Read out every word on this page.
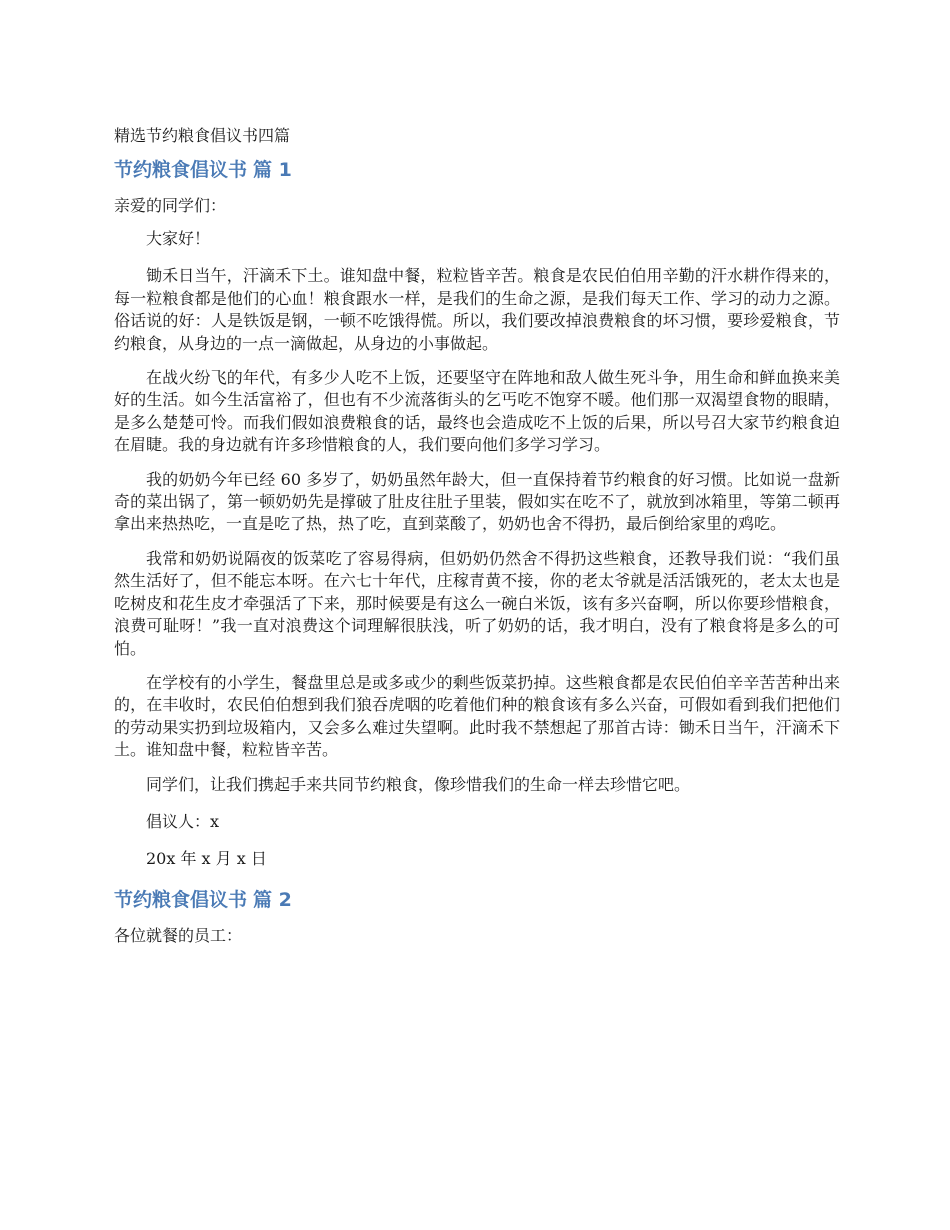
精选节约粮食倡议书四篇
节约粮食倡议书 篇 1
亲爱的同学们：
大家好！
锄禾日当午，汗滴禾下土。谁知盘中餐，粒粒皆辛苦。粮食是农民伯伯用辛勤的汗水耕作得来的，每一粒粮食都是他们的心血！粮食跟水一样，是我们的生命之源，是我们每天工作、学习的动力之源。俗话说的好：人是铁饭是钢，一顿不吃饿得慌。所以，我们要改掉浪费粮食的坏习惯，要珍爱粮食，节约粮食，从身边的一点一滴做起，从身边的小事做起。
在战火纷飞的年代，有多少人吃不上饭，还要坚守在阵地和敌人做生死斗争，用生命和鲜血换来美好的生活。如今生活富裕了，但也有不少流落街头的乞丐吃不饱穿不暖。他们那一双渴望食物的眼睛，是多么楚楚可怜。而我们假如浪费粮食的话，最终也会造成吃不上饭的后果，所以号召大家节约粮食迫在眉睫。我的身边就有许多珍惜粮食的人，我们要向他们多学习学习。
我的奶奶今年已经 60 多岁了，奶奶虽然年龄大，但一直保持着节约粮食的好习惯。比如说一盘新奇的菜出锅了，第一顿奶奶先是撑破了肚皮往肚子里装，假如实在吃不了，就放到冰箱里，等第二顿再拿出来热热吃，一直是吃了热，热了吃，直到菜酸了，奶奶也舍不得扔，最后倒给家里的鸡吃。
我常和奶奶说隔夜的饭菜吃了容易得病，但奶奶仍然舍不得扔这些粮食，还教导我们说：“我们虽然生活好了，但不能忘本呀。在六七十年代，庄稼青黄不接，你的老太爷就是活活饿死的，老太太也是吃树皮和花生皮才牵强活了下来，那时候要是有这么一碗白米饭，该有多兴奋啊，所以你要珍惜粮食，浪费可耻呀！”我一直对浪费这个词理解很肤浅，听了奶奶的话，我才明白，没有了粮食将是多么的可怕。
在学校有的小学生，餐盘里总是或多或少的剩些饭菜扔掉。这些粮食都是农民伯伯辛辛苦苦种出来的，在丰收时，农民伯伯想到我们狼吞虎咽的吃着他们种的粮食该有多么兴奋，可假如看到我们把他们的劳动果实扔到垃圾箱内，又会多么难过失望啊。此时我不禁想起了那首古诗：锄禾日当午，汗滴禾下土。谁知盘中餐，粒粒皆辛苦。
同学们，让我们携起手来共同节约粮食，像珍惜我们的生命一样去珍惜它吧。
倡议人：x
20x 年 x 月 x 日
节约粮食倡议书 篇 2
各位就餐的员工：
